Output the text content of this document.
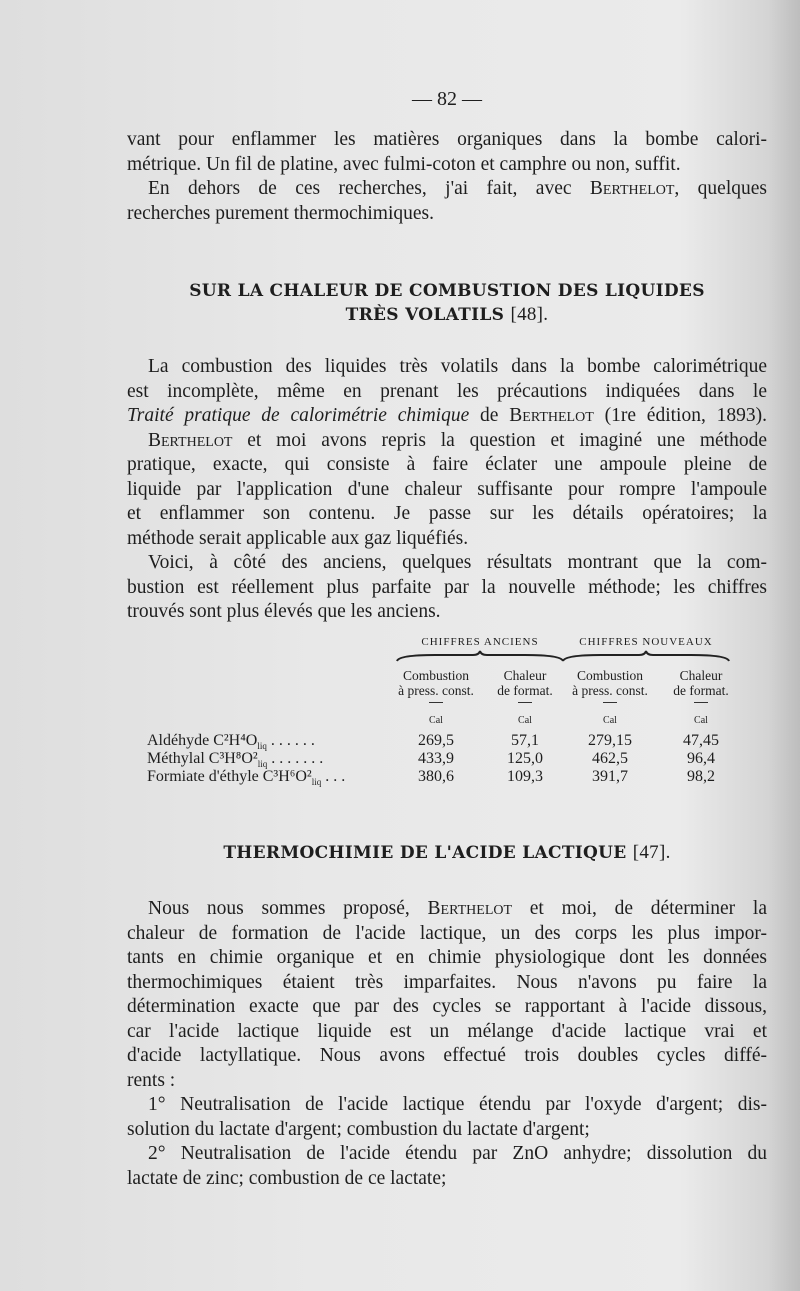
— 82 —
vant pour enflammer les matières organiques dans la bombe calori-
métrique. Un fil de platine, avec fulmi-coton et camphre ou non, suffit.
En dehors de ces recherches, j'ai fait, avec Berthelot, quelques
recherches purement thermochimiques.
SUR LA CHALEUR DE COMBUSTION DES LIQUIDES
TRÈS VOLATILS [48].
La combustion des liquides très volatils dans la bombe calorimétrique
est incomplète, même en prenant les précautions indiquées dans le
Traité pratique de calorimétrie chimique de Berthelot (1re édition, 1893).
Berthelot et moi avons repris la question et imaginé une méthode
pratique, exacte, qui consiste à faire éclater une ampoule pleine de
liquide par l'application d'une chaleur suffisante pour rompre l'ampoule
et enflammer son contenu. Je passe sur les détails opératoires; la
méthode serait applicable aux gaz liquéfiés.
Voici, à côté des anciens, quelques résultats montrant que la com-
bustion est réellement plus parfaite par la nouvelle méthode; les chiffres
trouvés sont plus élevés que les anciens.
CHIFFRES ANCIENS	CHIFFRES NOUVEAUX
Combustion
à press. const.
Chaleur
de format.
Combustion
à press. const.
Chaleur
de format.
Cal	Cal	Cal	Cal
Aldéhyde $C^2H^4O_{liq}$ . . . . . .	269,5	57,1	279,15	47,45
Méthylal $C^3H^8O^2_{liq}$ . . . . . . .	433,9	125,0	462,5	96,4
Formiate d'éthyle $C^3H^6O^2_{liq}$ . . .	380,6	109,3	391,7	98,2
THERMOCHIMIE DE L'ACIDE LACTIQUE [47].
Nous nous sommes proposé, Berthelot et moi, de déterminer la
chaleur de formation de l'acide lactique, un des corps les plus impor-
tants en chimie organique et en chimie physiologique dont les données
thermochimiques étaient très imparfaites. Nous n'avons pu faire la
détermination exacte que par des cycles se rapportant à l'acide dissous,
car l'acide lactique liquide est un mélange d'acide lactique vrai et
d'acide lactyllatique. Nous avons effectué trois doubles cycles diffé-
rents :
1° Neutralisation de l'acide lactique étendu par l'oxyde d'argent; dis-
solution du lactate d'argent; combustion du lactate d'argent;
2° Neutralisation de l'acide étendu par ZnO anhydre; dissolution du
lactate de zinc; combustion de ce lactate;
